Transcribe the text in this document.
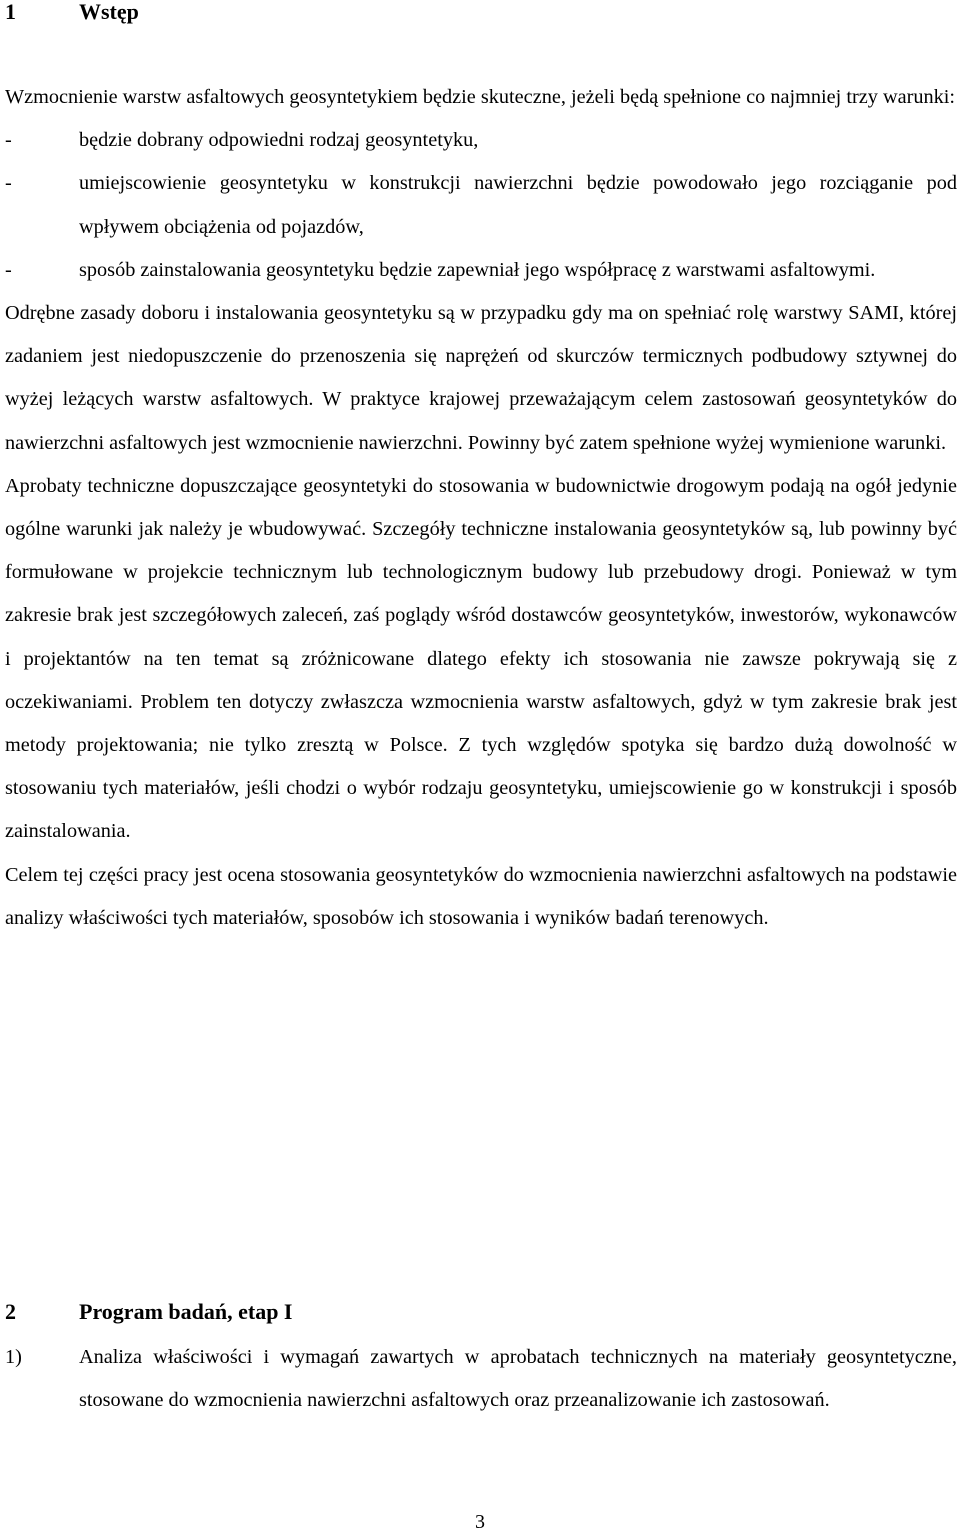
1	Wstęp

Wzmocnienie warstw asfaltowych geosyntetykiem będzie skuteczne, jeżeli będą spełnione co najmniej trzy warunki:

-	będzie dobrany odpowiedni rodzaj geosyntetyku,
-	umiejscowienie geosyntetyku w konstrukcji nawierzchni będzie powodowało jego rozciąganie pod wpływem obciążenia od pojazdów,
-	sposób zainstalowania geosyntetyku będzie zapewniał jego współpracę z warstwami asfaltowymi.

Odrębne zasady doboru i instalowania geosyntetyku są w przypadku gdy ma on spełniać rolę warstwy SAMI, której zadaniem jest niedopuszczenie do przenoszenia się naprężeń od skurczów termicznych podbudowy sztywnej do wyżej leżących warstw asfaltowych. W praktyce krajowej przeważającym celem zastosowań geosyntetyków do nawierzchni asfaltowych jest wzmocnienie nawierzchni. Powinny być zatem spełnione wyżej wymienione warunki.

Aprobaty techniczne dopuszczające geosyntetyki do stosowania w budownictwie drogowym podają na ogół jedynie ogólne warunki jak należy je wbudowywać. Szczegóły techniczne instalowania geosyntetyków są, lub powinny być formułowane w projekcie technicznym lub technologicznym budowy lub przebudowy drogi. Ponieważ w tym zakresie brak jest szczegółowych zaleceń, zaś poglądy wśród dostawców geosyntetyków, inwestorów, wykonawców i projektantów na ten temat są zróżnicowane dlatego efekty ich stosowania nie zawsze pokrywają się z oczekiwaniami. Problem ten dotyczy zwłaszcza wzmocnienia warstw asfaltowych, gdyż w tym zakresie brak jest metody projektowania; nie tylko zresztą w Polsce. Z tych względów spotyka się bardzo dużą dowolność w stosowaniu tych materiałów, jeśli chodzi o wybór rodzaju geosyntetyku, umiejscowienie go w konstrukcji i sposób zainstalowania.

Celem tej części pracy jest ocena stosowania geosyntetyków do wzmocnienia nawierzchni asfaltowych na podstawie analizy właściwości tych materiałów, sposobów ich stosowania i wyników badań terenowych.

2	Program badań, etap I
1)	Analiza właściwości i wymagań zawartych w aprobatach technicznych na materiały geosyntetyczne, stosowane do wzmocnienia nawierzchni asfaltowych oraz przeanalizowanie ich zastosowań.
3
